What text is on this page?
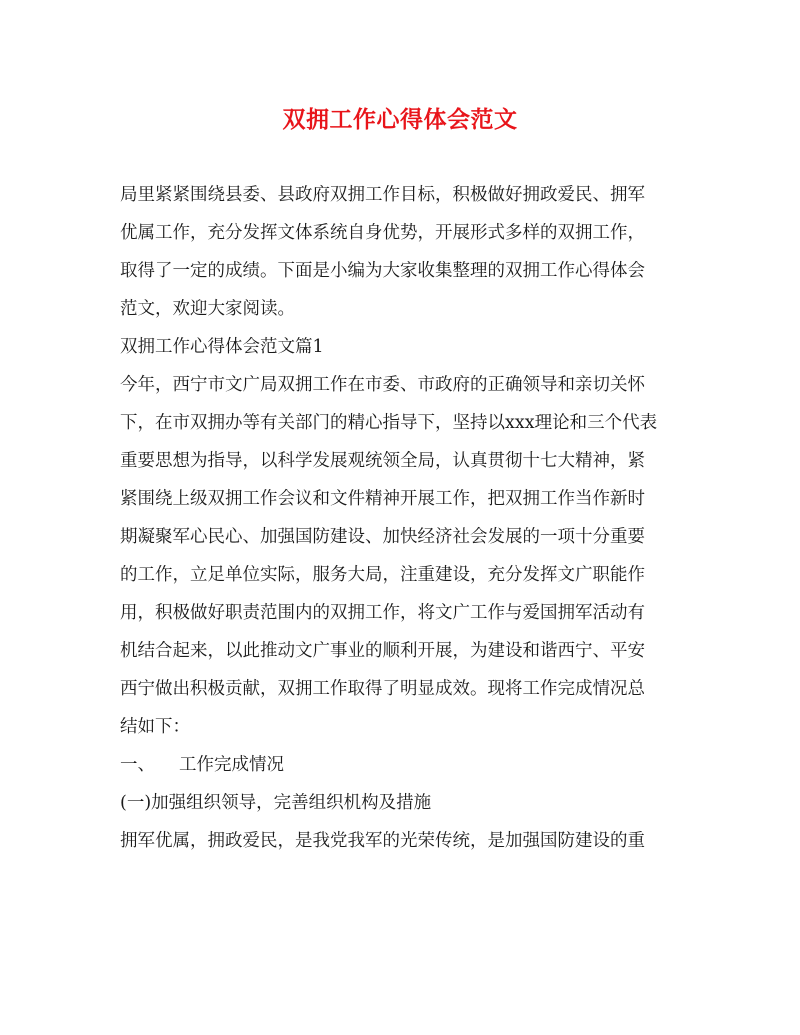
双拥工作心得体会范文
局里紧紧围绕县委、县政府双拥工作目标，积极做好拥政爱民、拥军
优属工作，充分发挥文体系统自身优势，开展形式多样的双拥工作，
取得了一定的成绩。下面是小编为大家收集整理的双拥工作心得体会
范文，欢迎大家阅读。
双拥工作心得体会范文篇1
今年，西宁市文广局双拥工作在市委、市政府的正确领导和亲切关怀
下，在市双拥办等有关部门的精心指导下，坚持以xxx理论和三个代表
重要思想为指导，以科学发展观统领全局，认真贯彻十七大精神，紧
紧围绕上级双拥工作会议和文件精神开展工作，把双拥工作当作新时
期凝聚军心民心、加强国防建设、加快经济社会发展的一项十分重要
的工作，立足单位实际，服务大局，注重建设，充分发挥文广职能作
用，积极做好职责范围内的双拥工作，将文广工作与爱国拥军活动有
机结合起来，以此推动文广事业的顺利开展，为建设和谐西宁、平安
西宁做出积极贡献，双拥工作取得了明显成效。现将工作完成情况总
结如下：
一、 工作完成情况
(一)加强组织领导，完善组织机构及措施
拥军优属，拥政爱民，是我党我军的光荣传统，是加强国防建设的重
